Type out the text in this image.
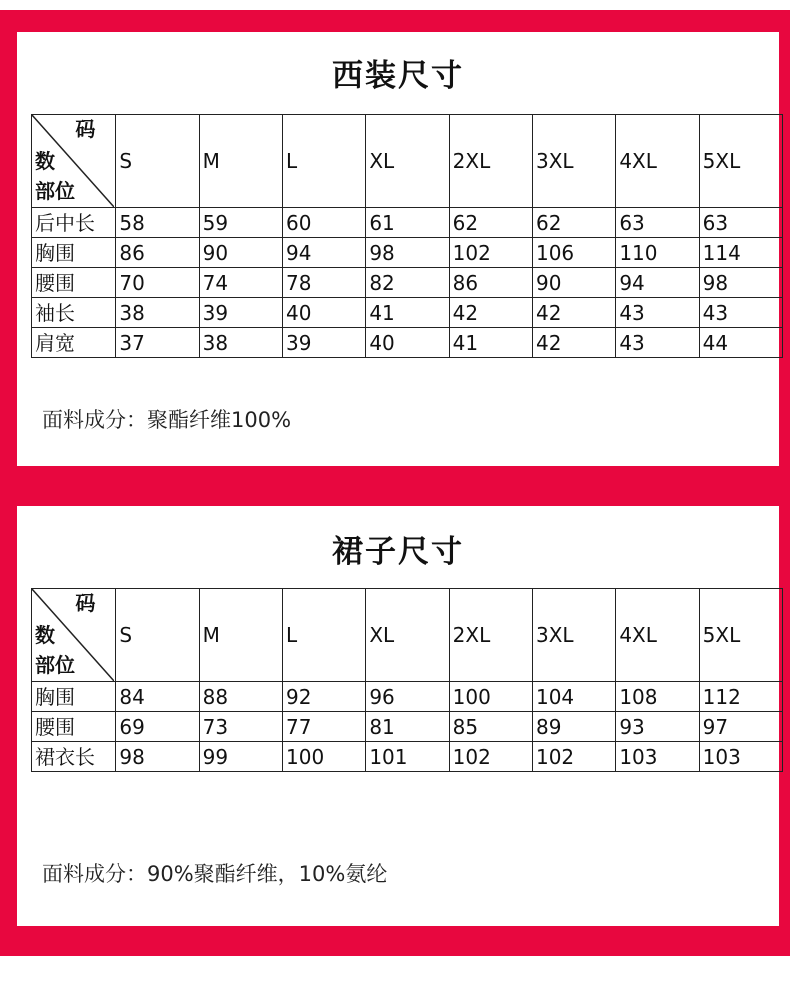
西装尺寸
码
数
部位	S	M	L	XL	2XL	3XL	4XL	5XL
后中长	58	59	60	61	62	62	63	63
胸围	86	90	94	98	102	106	110	114
腰围	70	74	78	82	86	90	94	98
袖长	38	39	40	41	42	42	43	43
肩宽	37	38	39	40	41	42	43	44
面料成分：聚酯纤维100%
裙子尺寸
码
数
部位	S	M	L	XL	2XL	3XL	4XL	5XL
胸围	84	88	92	96	100	104	108	112
腰围	69	73	77	81	85	89	93	97
裙衣长	98	99	100	101	102	102	103	103
面料成分：90%聚酯纤维，10%氨纶
